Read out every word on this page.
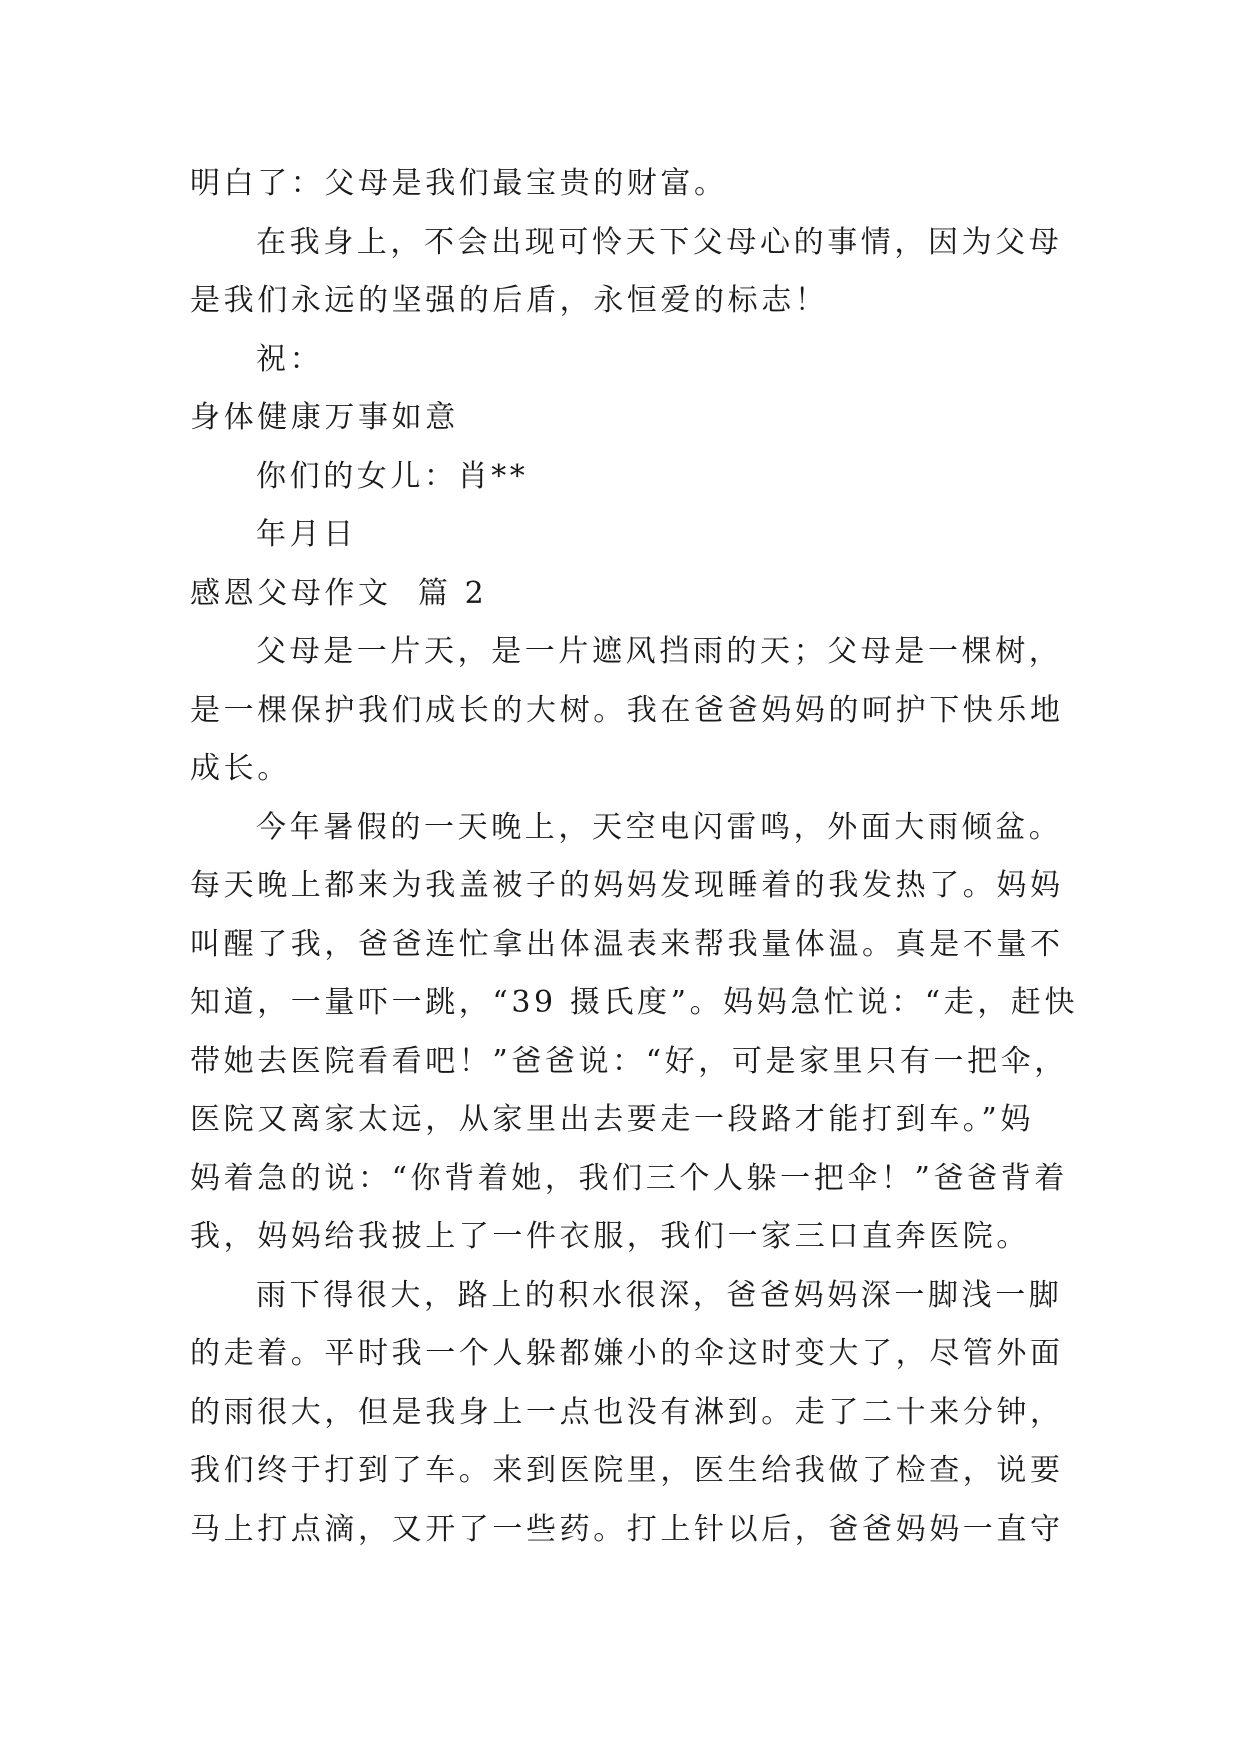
明白了：父母是我们最宝贵的财富。
在我身上，不会出现可怜天下父母心的事情，因为父母
是我们永远的坚强的后盾，永恒爱的标志！
祝：
身体健康万事如意
你们的女儿：肖**
年月日
感恩父母作文  篇 2
父母是一片天，是一片遮风挡雨的天；父母是一棵树，
是一棵保护我们成长的大树。我在爸爸妈妈的呵护下快乐地
成长。
今年暑假的一天晚上，天空电闪雷鸣，外面大雨倾盆。
每天晚上都来为我盖被子的妈妈发现睡着的我发热了。妈妈
叫醒了我，爸爸连忙拿出体温表来帮我量体温。真是不量不
知道，一量吓一跳，“39 摄氏度”。妈妈急忙说：“走，赶快
带她去医院看看吧！”爸爸说：“好，可是家里只有一把伞，
医院又离家太远，从家里出去要走一段路才能打到车。”妈
妈着急的说：“你背着她，我们三个人躲一把伞！”爸爸背着
我，妈妈给我披上了一件衣服，我们一家三口直奔医院。
雨下得很大，路上的积水很深，爸爸妈妈深一脚浅一脚
的走着。平时我一个人躲都嫌小的伞这时变大了，尽管外面
的雨很大，但是我身上一点也没有淋到。走了二十来分钟，
我们终于打到了车。来到医院里，医生给我做了检查，说要
马上打点滴，又开了一些药。打上针以后，爸爸妈妈一直守
